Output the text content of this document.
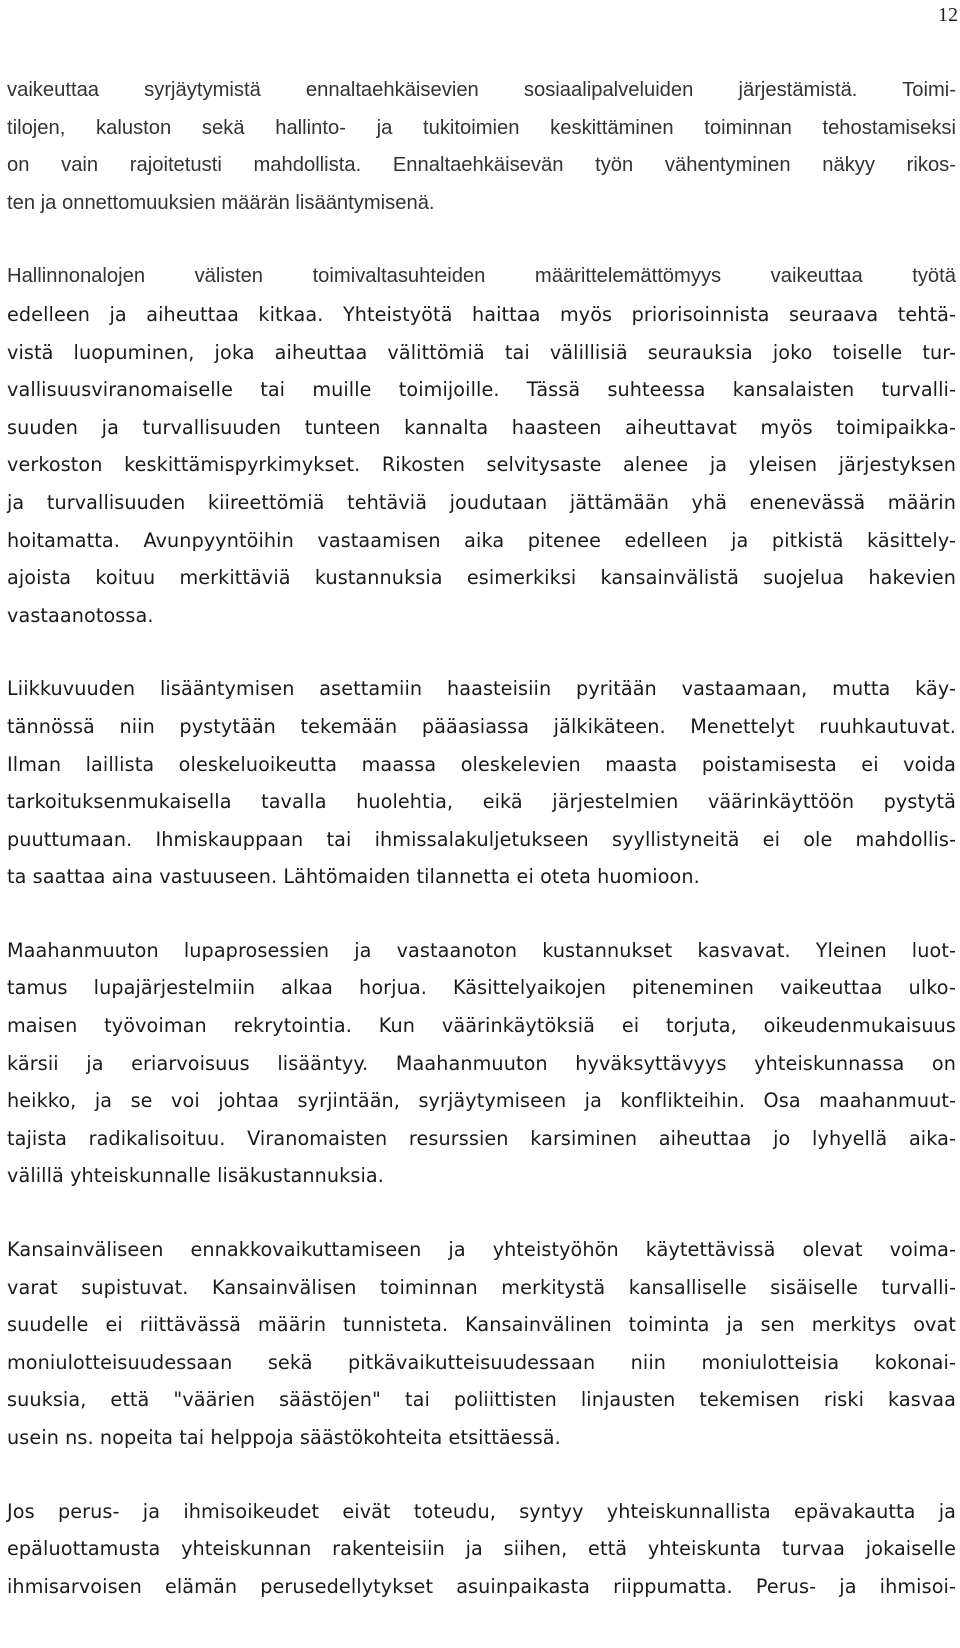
12

vaikeuttaa syrjäytymistä ennaltaehkäisevien sosiaalipalveluiden järjestämistä. Toimi-
tilojen, kaluston sekä hallinto- ja tukitoimien keskittäminen toiminnan tehostamiseksi
on vain rajoitetusti mahdollista. Ennaltaehkäisevän työn vähentyminen näkyy rikos-
ten ja onnettomuuksien määrän lisääntymisenä.

Hallinnonalojen välisten toimivaltasuhteiden määrittelemättömyys vaikeuttaa työtä

edelleen ja aiheuttaa kitkaa. Yhteistyötä haittaa myös priorisoinnista seuraava tehtä-
vistä luopuminen, joka aiheuttaa välittömiä tai välillisiä seurauksia joko toiselle tur-
vallisuusviranomaiselle tai muille toimijoille. Tässä suhteessa kansalaisten turvalli-
suuden ja turvallisuuden tunteen kannalta haasteen aiheuttavat myös toimipaikka-
verkoston keskittämispyrkimykset. Rikosten selvitysaste alenee ja yleisen järjestyksen
ja turvallisuuden kiireettömiä tehtäviä joudutaan jättämään yhä enenevässä määrin
hoitamatta. Avunpyyntöihin vastaamisen aika pitenee edelleen ja pitkistä käsittely-
ajoista koituu merkittäviä kustannuksia esimerkiksi kansainvälistä suojelua hakevien
vastaanotossa.

Liikkuvuuden lisääntymisen asettamiin haasteisiin pyritään vastaamaan, mutta käy-
tännössä niin pystytään tekemään pääasiassa jälkikäteen. Menettelyt ruuhkautuvat.
Ilman laillista oleskeluoikeutta maassa oleskelevien maasta poistamisesta ei voida
tarkoituksenmukaisella tavalla huolehtia, eikä järjestelmien väärinkäyttöön pystytä
puuttumaan. Ihmiskauppaan tai ihmissalakuljetukseen syyllistyneitä ei ole mahdollis-
ta saattaa aina vastuuseen. Lähtömaiden tilannetta ei oteta huomioon.

Maahanmuuton lupaprosessien ja vastaanoton kustannukset kasvavat. Yleinen luot-
tamus lupajärjestelmiin alkaa horjua. Käsittelyaikojen piteneminen vaikeuttaa ulko-
maisen työvoiman rekrytointia. Kun väärinkäytöksiä ei torjuta, oikeudenmukaisuus
kärsii ja eriarvoisuus lisääntyy. Maahanmuuton hyväksyttävyys yhteiskunnassa on
heikko, ja se voi johtaa syrjintään, syrjäytymiseen ja konflikteihin. Osa maahanmuut-
tajista radikalisoituu. Viranomaisten resurssien karsiminen aiheuttaa jo lyhyellä aika-
välillä yhteiskunnalle lisäkustannuksia.

Kansainväliseen ennakkovaikuttamiseen ja yhteistyöhön käytettävissä olevat voima-
varat supistuvat. Kansainvälisen toiminnan merkitystä kansalliselle sisäiselle turvalli-
suudelle ei riittävässä määrin tunnisteta. Kansainvälinen toiminta ja sen merkitys ovat
moniulotteisuudessaan sekä pitkävaikutteisuudessaan niin moniulotteisia kokonai-
suuksia, että "väärien säästöjen" tai poliittisten linjausten tekemisen riski kasvaa
usein ns. nopeita tai helppoja säästökohteita etsittäessä.

Jos perus- ja ihmisoikeudet eivät toteudu, syntyy yhteiskunnallista epävakautta ja
epäluottamusta yhteiskunnan rakenteisiin ja siihen, että yhteiskunta turvaa jokaiselle
ihmisarvoisen elämän perusedellytykset asuinpaikasta riippumatta. Perus- ja ihmisoi-
